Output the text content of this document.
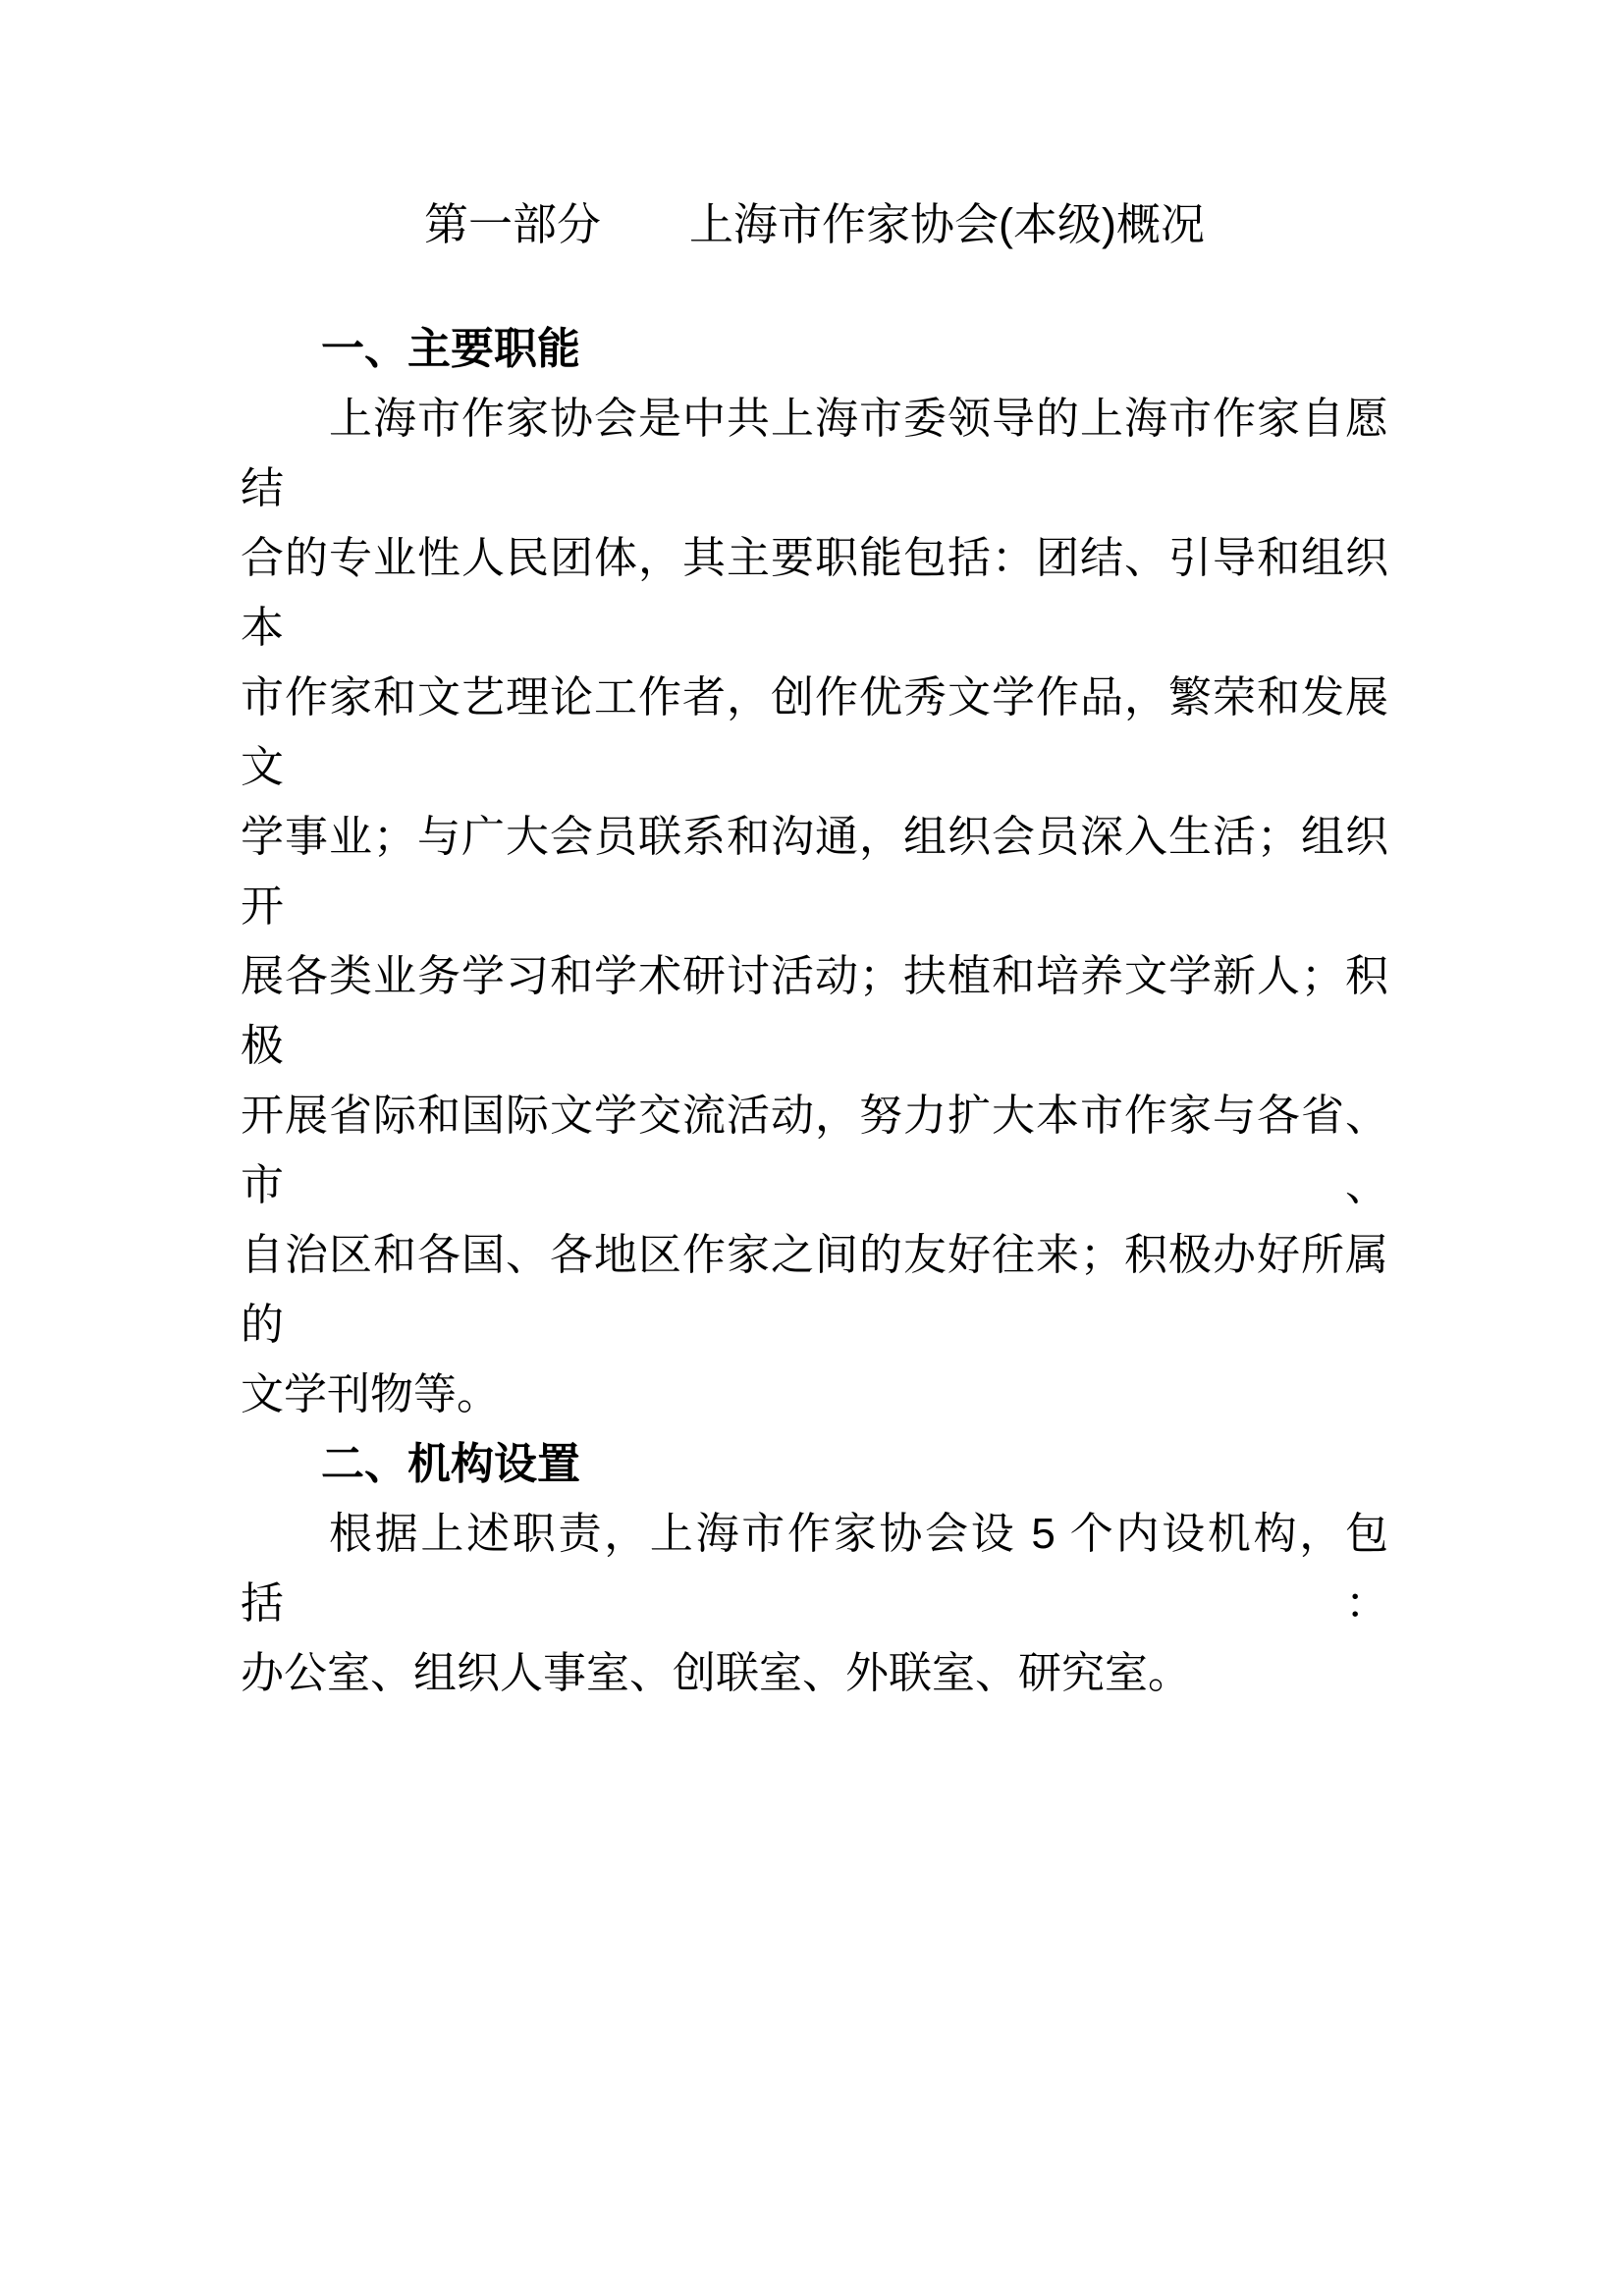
第一部分 上海市作家协会(本级)概况
一、主要职能
上海市作家协会是中共上海市委领导的上海市作家自愿结
合的专业性人民团体，其主要职能包括：团结、引导和组织本
市作家和文艺理论工作者，创作优秀文学作品，繁荣和发展文
学事业；与广大会员联系和沟通，组织会员深入生活；组织开
展各类业务学习和学术研讨活动；扶植和培养文学新人；积极
开展省际和国际文学交流活动，努力扩大本市作家与各省、市、
自治区和各国、各地区作家之间的友好往来；积极办好所属的
文学刊物等。
二、机构设置
根据上述职责，上海市作家协会设 5 个内设机构，包括：
办公室、组织人事室、创联室、外联室、研究室。
